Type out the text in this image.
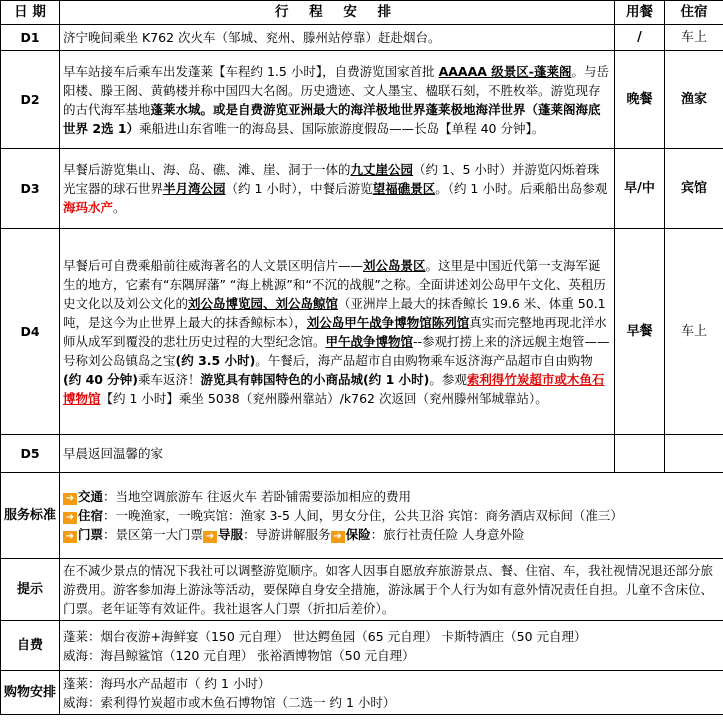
日 期	行 程 安 排	用餐	住宿
D1	济宁晚间乘坐 K762 次火车（邹城、兖州、滕州站停靠）赶赴烟台。	/	车上
D2	早车站接车后乘车出发蓬莱【车程约 1.5 小时】，自费游览国家首批 AAAAA 级景区-蓬莱阁。与岳阳楼、滕王阁、黄鹤楼并称中国四大名阁。历史遗迹、文人墨宝、楹联石刻，不胜枚举。游览现存的古代海军基地蓬莱水城。或是自费游览亚洲最大的海洋极地世界蓬莱极地海洋世界（蓬莱阁海底世界 2选 1）乘船进山东省唯一的海岛县、国际旅游度假岛——长岛【单程 40 分钟】。	晚餐	渔家
D3	早餐后游览集山、海、岛、礁、滩、崖、洞于一体的九丈崖公园（约 1、5 小时）并游览闪烁着珠光宝器的球石世界半月湾公园（约 1 小时），中餐后游览望福礁景区。（约 1 小时。后乘船出岛参观海玛水产。	早/中	宾馆
D4	早餐后可自费乘船前往威海著名的人文景区明信片——刘公岛景区。这里是中国近代第一支海军诞生的地方，它素有“东隅屏藩” “海上桃源”和“不沉的战舰”之称。全面讲述刘公岛甲午文化、英租历史文化以及刘公文化的刘公岛博览园、刘公岛鲸馆（亚洲岸上最大的抹香鲸长 19.6 米、体重 50.1 吨，是这今为止世界上最大的抹香鲸标本），刘公岛甲午战争博物馆陈列馆真实而完整地再现北洋水师从成军到覆没的悲壮历史过程的大型纪念馆。甲午战争博物馆--参观打捞上来的济远舰主炮管——号称刘公岛镇岛之宝(约 3.5 小时)。午餐后，海产品超市自由购物乘车返济海产品超市自由购物(约 40 分钟)乘车返济！游览具有韩国特色的小商品城(约 1 小时)。参观索利得竹炭超市或木鱼石博物馆【约 1 小时】乘坐 5038（兖州滕州靠站）/k762 次返回（兖州滕州邹城靠站）。	早餐	车上
D5	早晨返回温馨的家		
服务标准	➔ 交通：当地空调旅游车 往返火车 若卧铺需要添加相应的费用
➔ 住宿：一晚渔家，一晚宾馆：渔家 3-5 人间，男女分住，公共卫浴 宾馆：商务酒店双标间（准三）
➔ 门票：景区第一大门票 ➔ 导服：导游讲解服务 ➔ 保险：旅行社责任险 人身意外险		

提示	在不减少景点的情况下我社可以调整游览顺序。如客人因事自愿放弃旅游景点、餐、住宿、车，我社视情况退还部分旅游费用。游客参加海上游泳等活动，要保障自身安全措施，游泳属于个人行为如有意外情况责任自担。儿童不含床位、门票。老年证等有效证件。我社退客人门票（折扣后差价）。		
自费	蓬莱：烟台夜游+海鲜宴（150 元自理） 世达鳄鱼园（65 元自理） 卡斯特酒庄（50 元自理）
威海：海昌鲸鲨馆（120 元自理） 张裕酒博物馆（50 元自理）		

购物安排	蓬莱：海玛水产品超市（ 约 1 小时）
威海：索利得竹炭超市或木鱼石博物馆（二选一 约 1 小时）		
